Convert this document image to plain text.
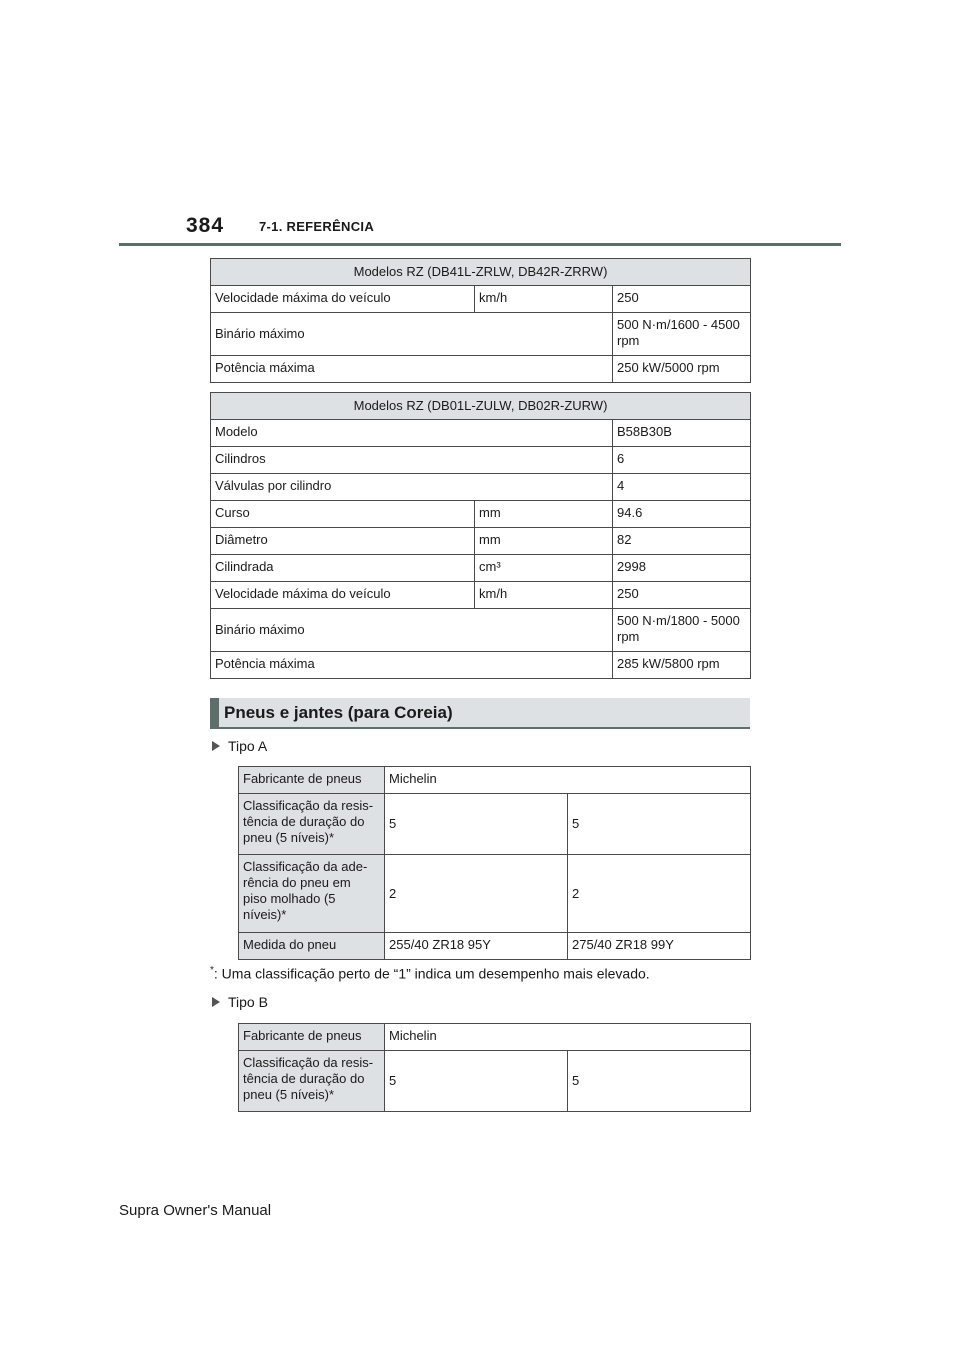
384	7-1. REFERÊNCIA
Modelos RZ (DB41L-ZRLW, DB42R-ZRRW)		
Velocidade máxima do veículo	km/h	250
Binário máximo		500 N·m/1600 - 4500
rpm

Potência máxima		250 kW/5000 rpm
Modelos RZ (DB01L-ZULW, DB02R-ZURW)		
Modelo		B58B30B
Cilindros		6
Válvulas por cilindro		4
Curso	mm	94.6
Diâmetro	mm	82
Cilindrada	cm³	2998
Velocidade máxima do veículo	km/h	250
Binário máximo		500 N·m/1800 - 5000
rpm

Potência máxima		285 kW/5800 rpm
Pneus e jantes (para Coreia)
Tipo A
Fabricante de pneus	Michelin	

Classificação da resis-
tência de duração do
pneu (5 níveis)*	5	5

Classificação da ade-
rência do pneu em
piso molhado (5
níveis)*	2	2
Medida do pneu	255/40 ZR18 95Y	275/40 ZR18 99Y
*: Uma classificação perto de “1” indica um desempenho mais elevado.
Tipo B
Fabricante de pneus	Michelin	

Classificação da resis-
tência de duração do
pneu (5 níveis)*	5	5
Supra Owner's Manual
